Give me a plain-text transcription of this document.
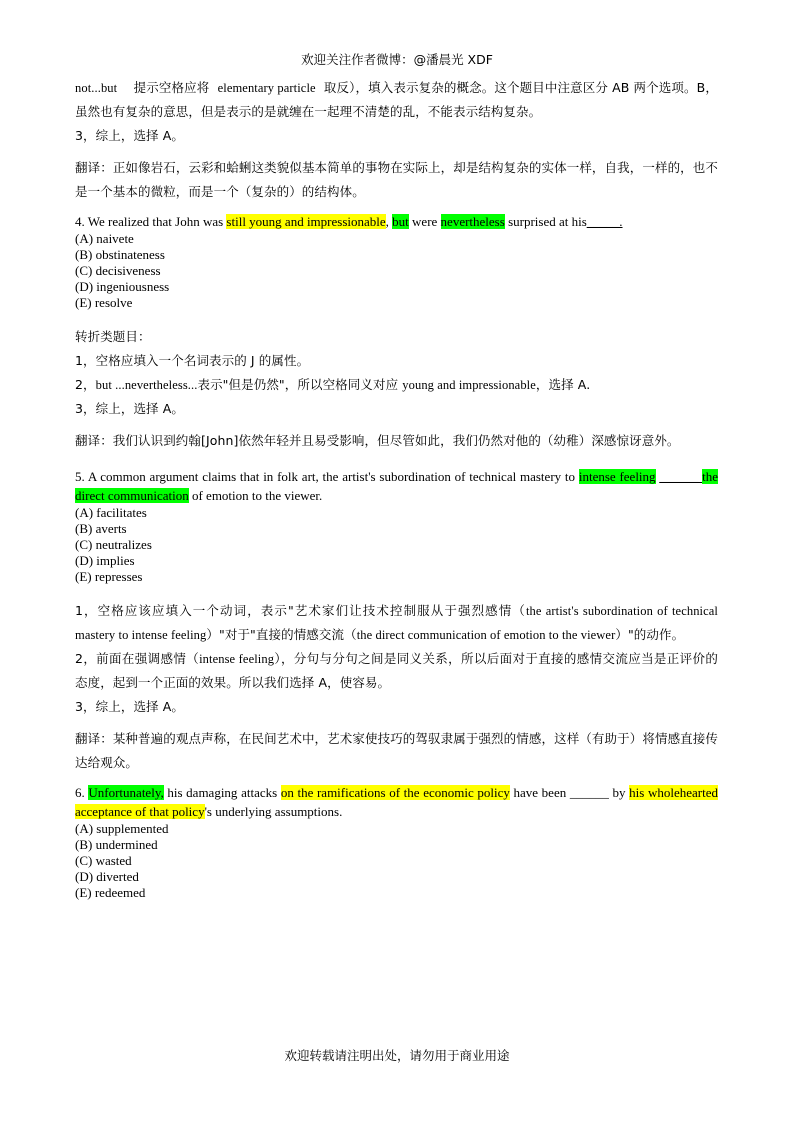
欢迎关注作者微博：@潘晨光 XDF

not...but 提示空格应将 elementary particle 取反），填入表示复杂的概念。这个题目中注意区分 AB 两个选项。B，虽然也有复杂的意思，但是表示的是就缠在一起理不清楚的乱，不能表示结构复杂。

3，综上，选择 A。

翻译：正如像岩石，云彩和蛤蜊这类貌似基本简单的事物在实际上，却是结构复杂的实体一样，自我，一样的，也不是一个基本的微粒，而是一个（复杂的）的结构体。

4. We realized that John was still young and impressionable, but were nevertheless surprised at his_____.

(A) naivete
(B) obstinateness
(C) decisiveness
(D) ingeniousness
(E) resolve

转折类题目：

1，空格应填入一个名词表示的 J 的属性。

2，but ...nevertheless...表示"但是仍然"，所以空格同义对应 young and impressionable，选择 A.

3，综上，选择 A。

翻译：我们认识到约翰[John]依然年轻并且易受影响，但尽管如此，我们仍然对他的（幼稚）深感惊讶意外。

5. A common argument claims that in folk art, the artist's subordination of technical mastery to intense feeling ______ the direct communication of emotion to the viewer.

(A) facilitates
(B) averts
(C) neutralizes
(D) implies
(E) represses

1，空格应该应填入一个动词，表示"艺术家们让技术控制服从于强烈感情（the artist's subordination of technical mastery to intense feeling）"对于"直接的情感交流（the direct communication of emotion to the viewer）"的动作。

2，前面在强调感情（intense feeling），分句与分句之间是同义关系，所以后面对于直接的感情交流应当是正评价的态度，起到一个正面的效果。所以我们选择 A，使容易。

3，综上，选择 A。

翻译：某种普遍的观点声称，在民间艺术中，艺术家使技巧的驾驭隶属于强烈的情感，这样（有助于）将情感直接传达给观众。

6. Unfortunately, his damaging attacks on the ramifications of the economic policy have been ______ by his wholehearted acceptance of that policy's underlying assumptions.

(A) supplemented
(B) undermined
(C) wasted
(D) diverted
(E) redeemed
欢迎转载请注明出处，请勿用于商业用途
